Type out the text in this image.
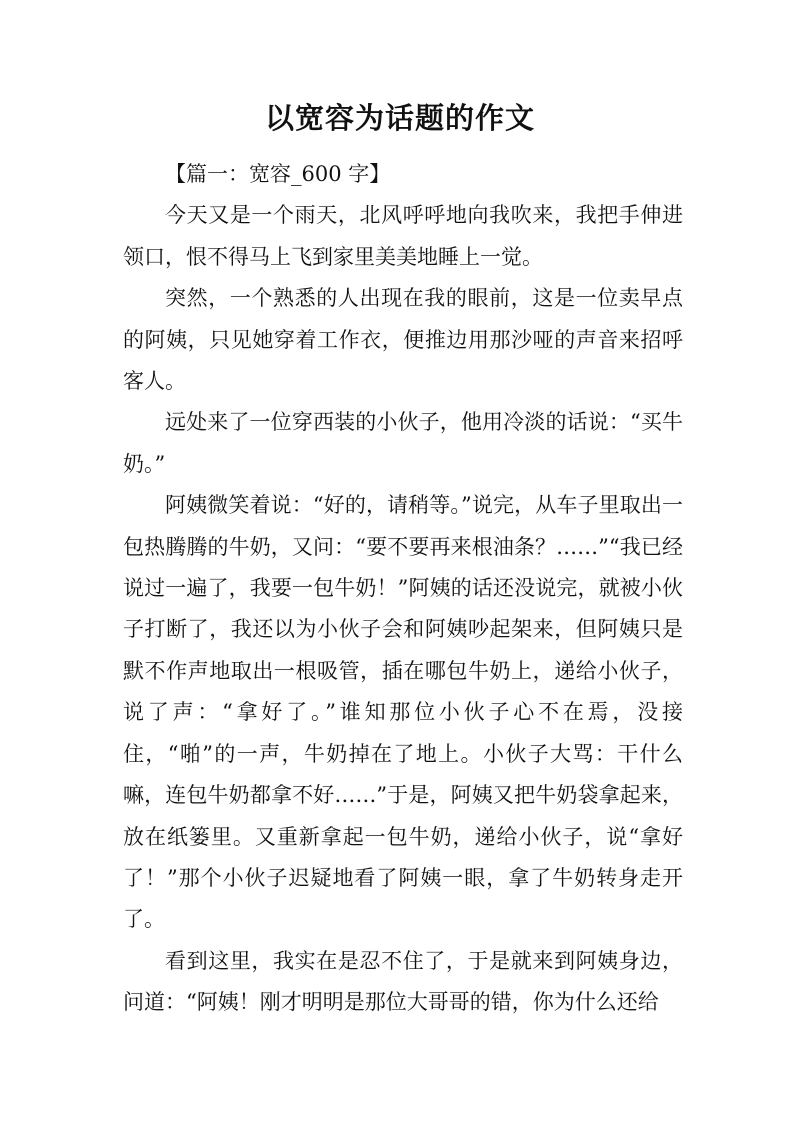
以宽容为话题的作文

【篇一：宽容_600 字】

今天又是一个雨天，北风呼呼地向我吹来，我把手伸进领口，恨不得马上飞到家里美美地睡上一觉。

突然，一个熟悉的人出现在我的眼前，这是一位卖早点的阿姨，只见她穿着工作衣，便推边用那沙哑的声音来招呼客人。

远处来了一位穿西装的小伙子，他用冷淡的话说：“买牛奶。”

阿姨微笑着说：“好的，请稍等。”说完，从车子里取出一包热腾腾的牛奶，又问：“要不要再来根油条？……”“我已经说过一遍了，我要一包牛奶！”阿姨的话还没说完，就被小伙子打断了，我还以为小伙子会和阿姨吵起架来，但阿姨只是默不作声地取出一根吸管，插在哪包牛奶上，递给小伙子，说了声：“拿好了。”谁知那位小伙子心不在焉，没接住，“啪”的一声，牛奶掉在了地上。小伙子大骂：干什么嘛，连包牛奶都拿不好……”于是，阿姨又把牛奶袋拿起来，放在纸篓里。又重新拿起一包牛奶，递给小伙子，说“拿好了！”那个小伙子迟疑地看了阿姨一眼，拿了牛奶转身走开了。

看到这里，我实在是忍不住了，于是就来到阿姨身边，问道：“阿姨！刚才明明是那位大哥哥的错，你为什么还给
